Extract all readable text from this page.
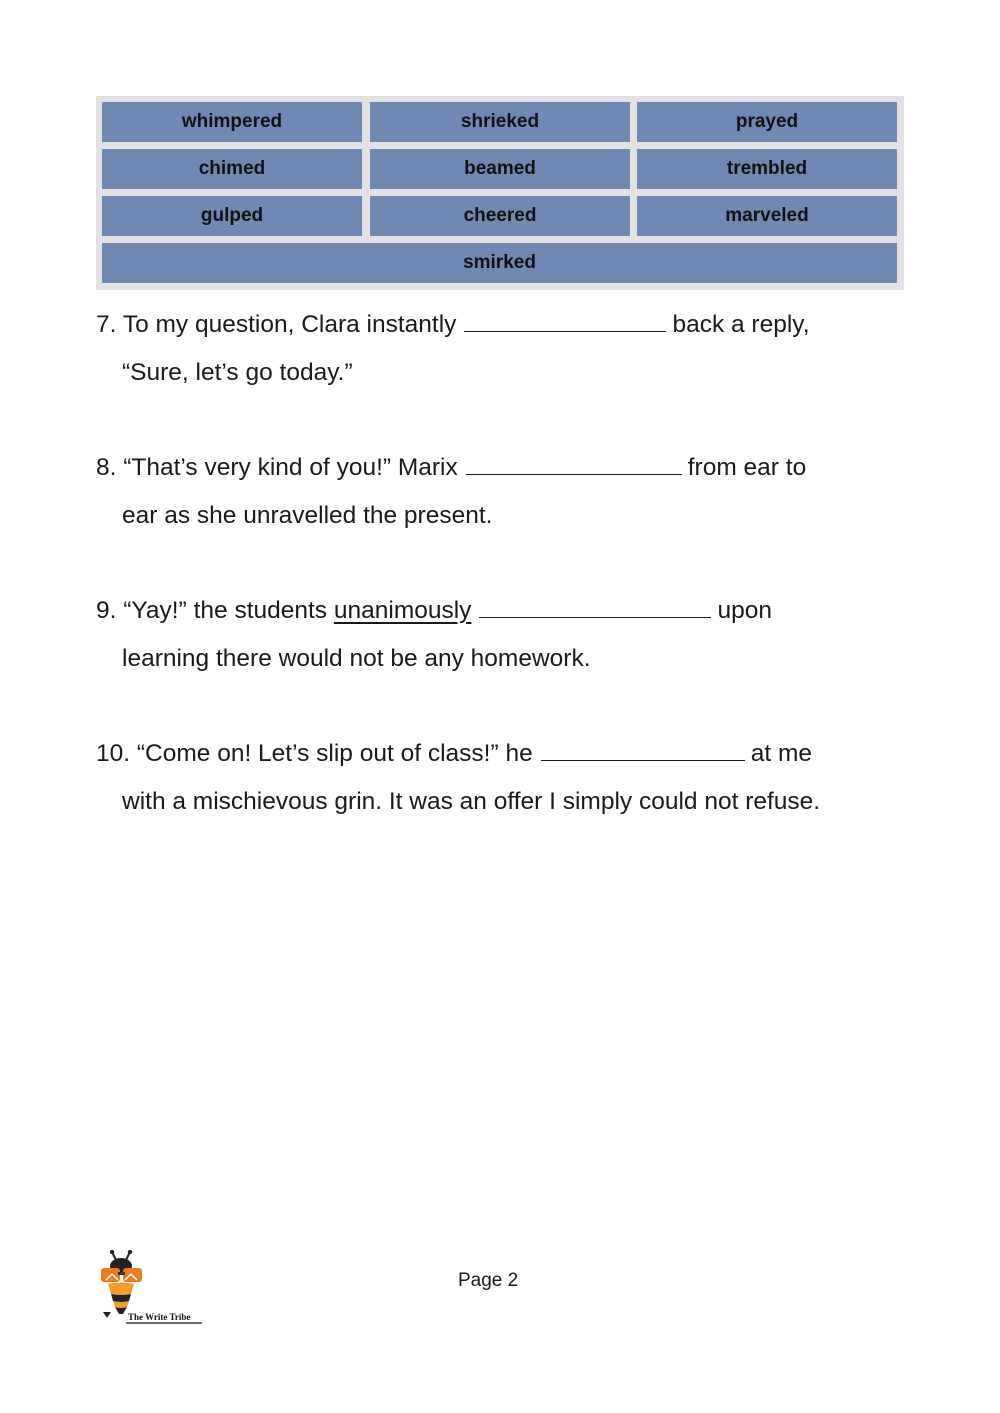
whimpered	shrieked	prayed
chimed	beamed	trembled
gulped	cheered	marveled
smirked
7. To my question, Clara instantly	back a reply,
“Sure, let’s go today.”
8. “That’s very kind of you!” Marix	from ear to
ear as she unravelled the present.
9. “Yay!” the students unanimously	upon
learning there would not be any homework.
10. “Come on! Let’s slip out of class!” he	at me
with a mischievous grin. It was an offer I simply could not refuse.
The Write Tribe
Page 2
